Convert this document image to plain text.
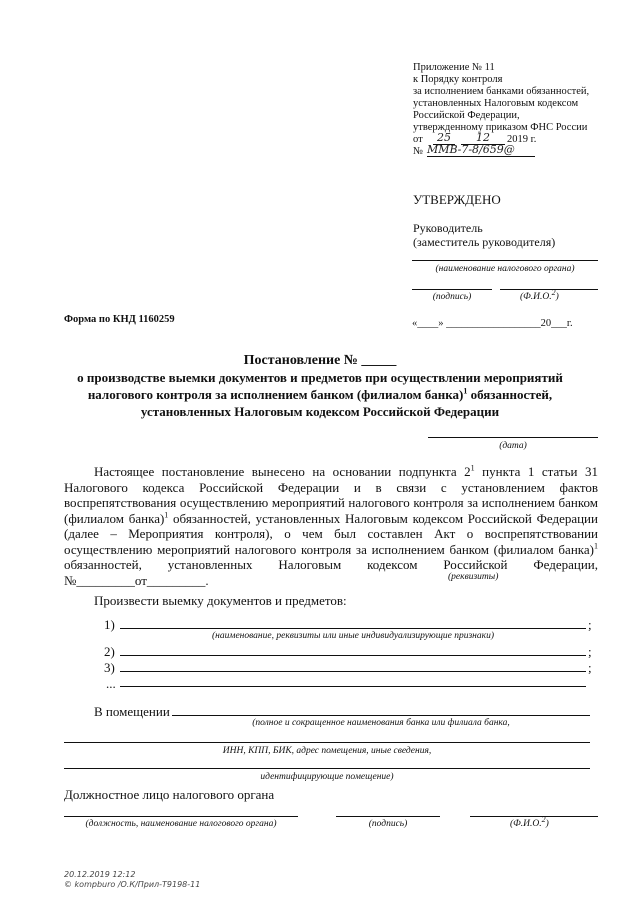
Приложение № 11
к Порядку контроля
за исполнением банками обязанностей,
установленных Налоговым кодексом
Российской Федерации,
утвержденному приказом ФНС России
от	25	12	2019 г.
№ ММВ-7-8/659@
УТВЕРЖДЕНО
Руководитель
(заместитель руководителя)
(наименование налогового органа)
(подпись)	(Ф.И.О.$^2$)
«____» __________________20___г.
Форма по КНД 1160259
Постановление № _____
о производстве выемки документов и предметов при осуществлении мероприятий
налогового контроля за исполнением банком (филиалом банка)$^1$ обязанностей,
установленных Налоговым кодексом Российской Федерации
(дата)
Настоящее постановление вынесено на основании подпункта $2^1$ пункта 1 статьи 31 Налогового кодекса Российской Федерации и в связи с установлением фактов воспрепятствования осуществлению мероприятий налогового контроля за исполнением банком (филиалом банка)$^1$ обязанностей, установленных Налоговым кодексом Российской Федерации (далее – Мероприятия контроля), о чем был составлен Акт о воспрепятствовании осуществлению мероприятий налогового контроля за исполнением банком (филиалом банка)$^1$ обязанностей, установленных Налоговым кодексом Российской Федерации, №_________от_________.	(реквизиты)
Произвести выемку документов и предметов:
1)	;
(наименование, реквизиты или иные индивидуализирующие признаки)
2)	;
3)	;
...
В помещении
(полное и сокращенное наименования банка или филиала банка,
ИНН, КПП, БИК, адрес помещения, иные сведения,
идентифицирующие помещение)
Должностное лицо налогового органа
(должность, наименование налогового органа)	(подпись)	(Ф.И.О.$^2$)
20.12.2019 12:12
© kompburo /О.К/Прил-Т9198-11
